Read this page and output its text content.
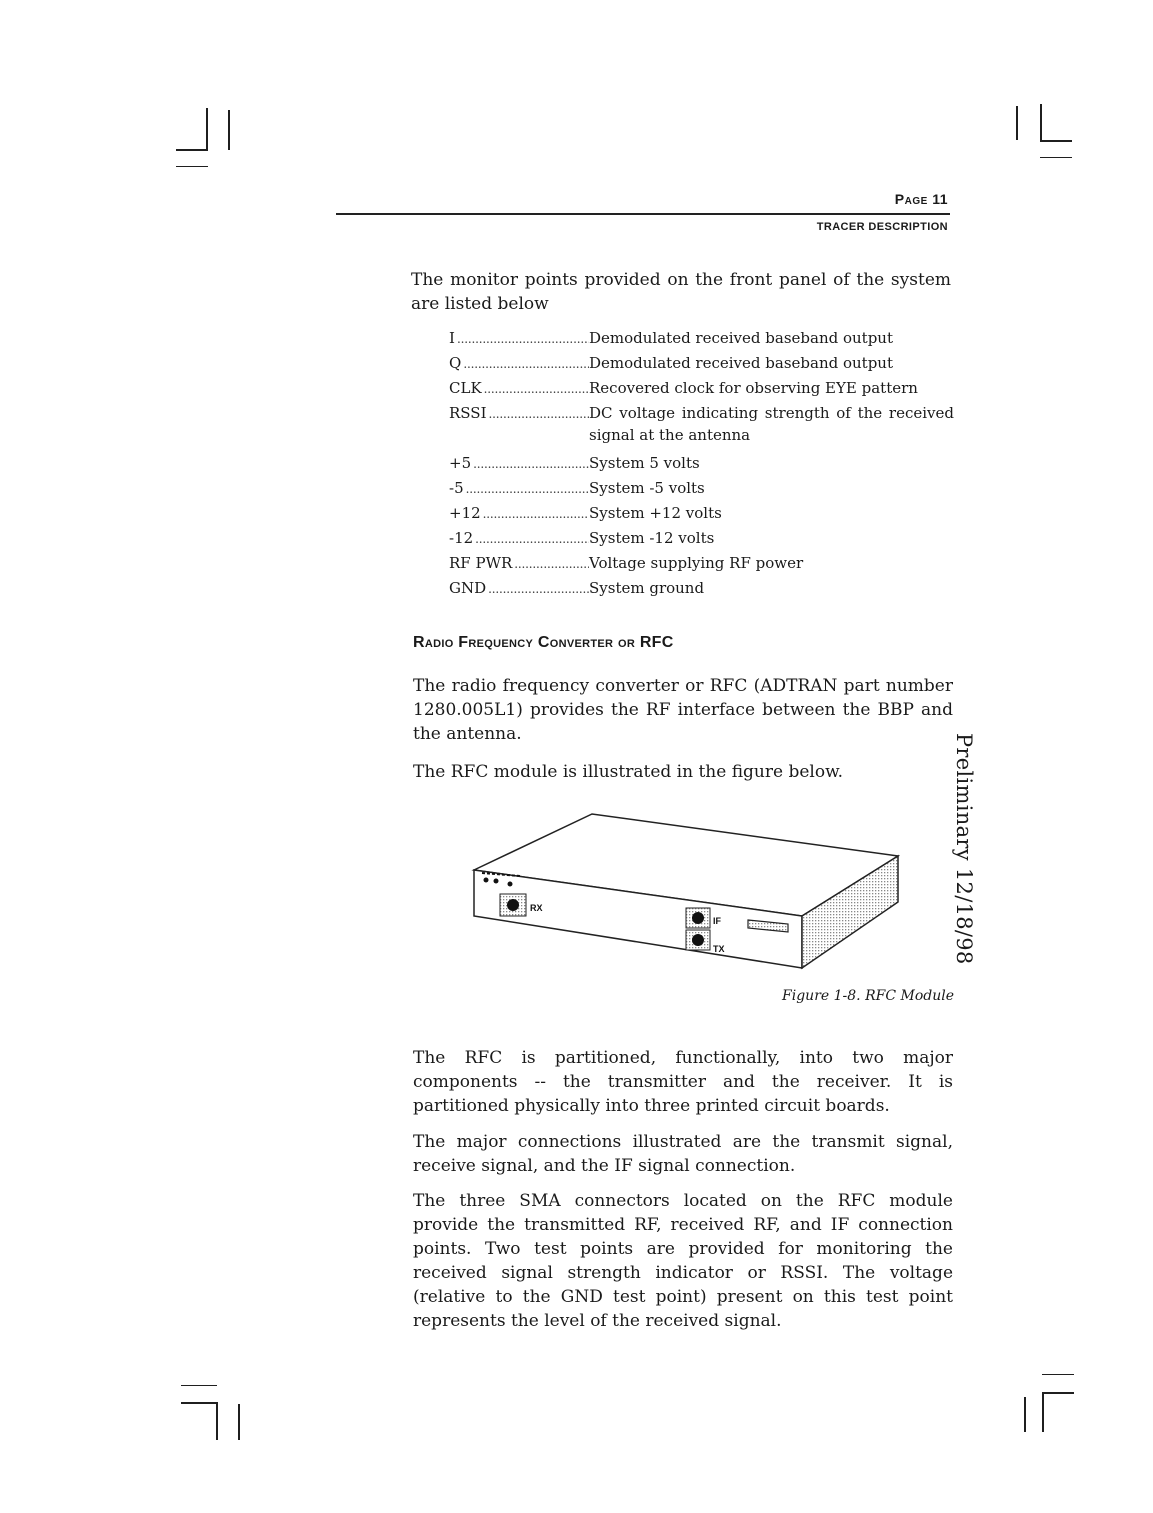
Page 11
TRACER DESCRIPTION

The monitor points provided on the front panel of the system are listed below

I . . .	Demodulated received baseband output
Q . . .	Demodulated received baseband output
CLK . . .	Recovered clock for observing EYE pattern
RSSI . . .	DC voltage indicating strength of the received signal at the antenna
+5 . . .	System 5 volts
-5 . . .	System -5 volts
+12 . . .	System +12 volts
-12 . . .	System -12 volts
RF PWR . . .	Voltage supplying RF power
GND . . .	System ground
Radio Frequency Converter or RFC

The radio frequency converter or RFC (ADTRAN part number 1280.005L1) provides the RF interface between the BBP and the antenna.

The RFC module is illustrated in the figure below.	Preliminary 12/18/98
RX
IF
TX
Figure 1-8. RFC Module

The RFC is partitioned, functionally, into two major components -- the transmitter and the receiver. It is partitioned physically into three printed circuit boards.

The major connections illustrated are the transmit signal, receive signal, and the IF signal connection.

The three SMA connectors located on the RFC module provide the transmitted RF, received RF, and IF connection points. Two test points are provided for monitoring the received signal strength indicator or RSSI. The voltage (relative to the GND test point) present on this test point represents the level of the received signal.
